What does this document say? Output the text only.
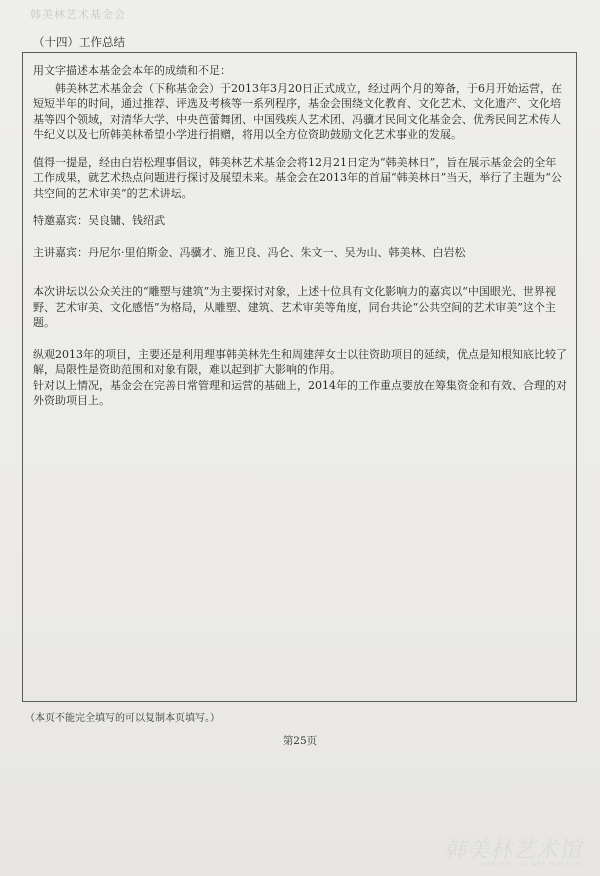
韩美林艺术基金会
（十四）工作总结

用文字描述本基金会本年的成绩和不足：

韩美林艺术基金会（下称基金会）于2013年3月20日正式成立，经过两个月的筹备，于6月开始运营，在短短半年的时间，通过推荐、评选及考核等一系列程序，基金会围绕文化教育、文化艺术、文化遗产、文化培基等四个领域，对清华大学、中央芭蕾舞团、中国残疾人艺术团、冯骥才民间文化基金会、优秀民间艺术传人牛纪义以及七所韩美林希望小学进行捐赠，将用以全方位资助鼓励文化艺术事业的发展。

值得一提是，经由白岩松理事倡议，韩美林艺术基金会将12月21日定为“韩美林日”，旨在展示基金会的全年工作成果，就艺术热点问题进行探讨及展望未来。基金会在2013年的首届“韩美林日”当天，举行了主题为“公共空间的艺术审美”的艺术讲坛。

特邀嘉宾：吴良镛、钱绍武

主讲嘉宾：丹尼尔·里伯斯金、冯骥才、施卫良、冯仑、朱文一、吴为山、韩美林、白岩松

本次讲坛以公众关注的“雕塑与建筑”为主要探讨对象，上述十位具有文化影响力的嘉宾以“中国眼光、世界视野、艺术审美、文化感悟”为格局，从雕塑、建筑、艺术审美等角度，同台共论“公共空间的艺术审美”这个主题。

纵观2013年的项目，主要还是利用理事韩美林先生和周建萍女士以往资助项目的延续，优点是知根知底比较了解，局限性是资助范围和对象有限，难以起到扩大影响的作用。

针对以上情况，基金会在完善日常管理和运营的基础上，2014年的工作重点要放在筹集资金和有效、合理的对外资助项目上。

（本页不能完全填写的可以复制本页填写。）
第25页
韩美林艺术馆
HAN MEI LIN ART MUSEUM
